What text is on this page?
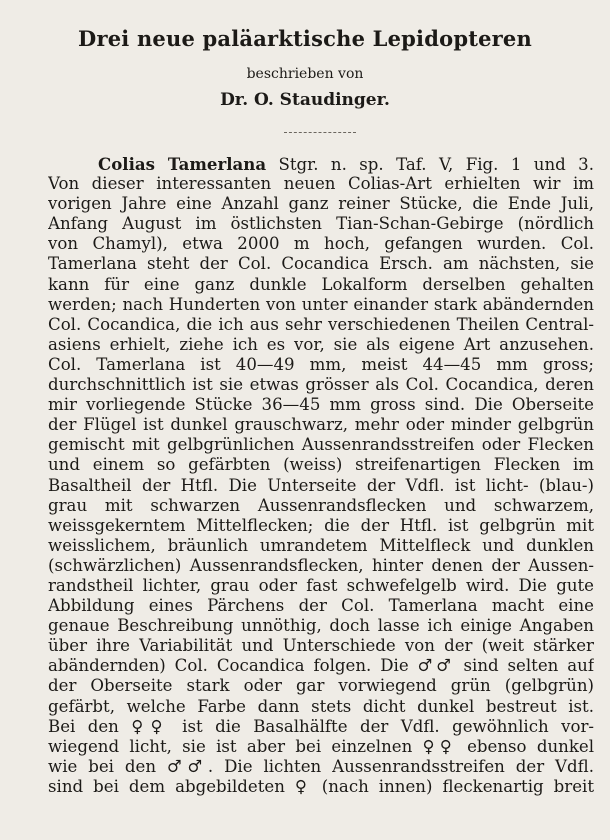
Drei neue paläarktische Lepidopteren
beschrieben von
Dr. O. Staudinger.
Colias Tamerlana Stgr. n. sp. Taf. V, Fig. 1 und 3.
Von dieser interessanten neuen Colias-Art erhielten wir im
vorigen Jahre eine Anzahl ganz reiner Stücke, die Ende Juli,
Anfang August im östlichsten Tian-Schan-Gebirge (nördlich
von Chamyl), etwa 2000 m hoch, gefangen wurden. Col.
Tamerlana steht der Col. Cocandica Ersch. am nächsten, sie
kann für eine ganz dunkle Lokalform derselben gehalten
werden; nach Hunderten von unter einander stark abändernden
Col. Cocandica, die ich aus sehr verschiedenen Theilen Central-
asiens erhielt, ziehe ich es vor, sie als eigene Art anzusehen.
Col. Tamerlana ist 40—49 mm, meist 44—45 mm gross;
durchschnittlich ist sie etwas grösser als Col. Cocandica, deren
mir vorliegende Stücke 36—45 mm gross sind. Die Oberseite
der Flügel ist dunkel grauschwarz, mehr oder minder gelbgrün
gemischt mit gelbgrünlichen Aussenrandsstreifen oder Flecken
und einem so gefärbten (weiss) streifenartigen Flecken im
Basaltheil der Htfl. Die Unterseite der Vdfl. ist licht- (blau-)
grau mit schwarzen Aussenrandsflecken und schwarzem,
weissgekerntem Mittelflecken; die der Htfl. ist gelbgrün mit
weisslichem, bräunlich umrandetem Mittelfleck und dunklen
(schwärzlichen) Aussenrandsflecken, hinter denen der Aussen-
randstheil lichter, grau oder fast schwefelgelb wird. Die gute
Abbildung eines Pärchens der Col. Tamerlana macht eine
genaue Beschreibung unnöthig, doch lasse ich einige Angaben
über ihre Variabilität und Unterschiede von der (weit stärker
abändernden) Col. Cocandica folgen. Die ♂♂ sind selten auf
der Oberseite stark oder gar vorwiegend grün (gelbgrün)
gefärbt, welche Farbe dann stets dicht dunkel bestreut ist.
Bei den ♀♀ ist die Basalhälfte der Vdfl. gewöhnlich vor-
wiegend licht, sie ist aber bei einzelnen ♀♀ ebenso dunkel
wie bei den ♂♂. Die lichten Aussenrandsstreifen der Vdfl.
sind bei dem abgebildeten ♀ (nach innen) fleckenartig breit
